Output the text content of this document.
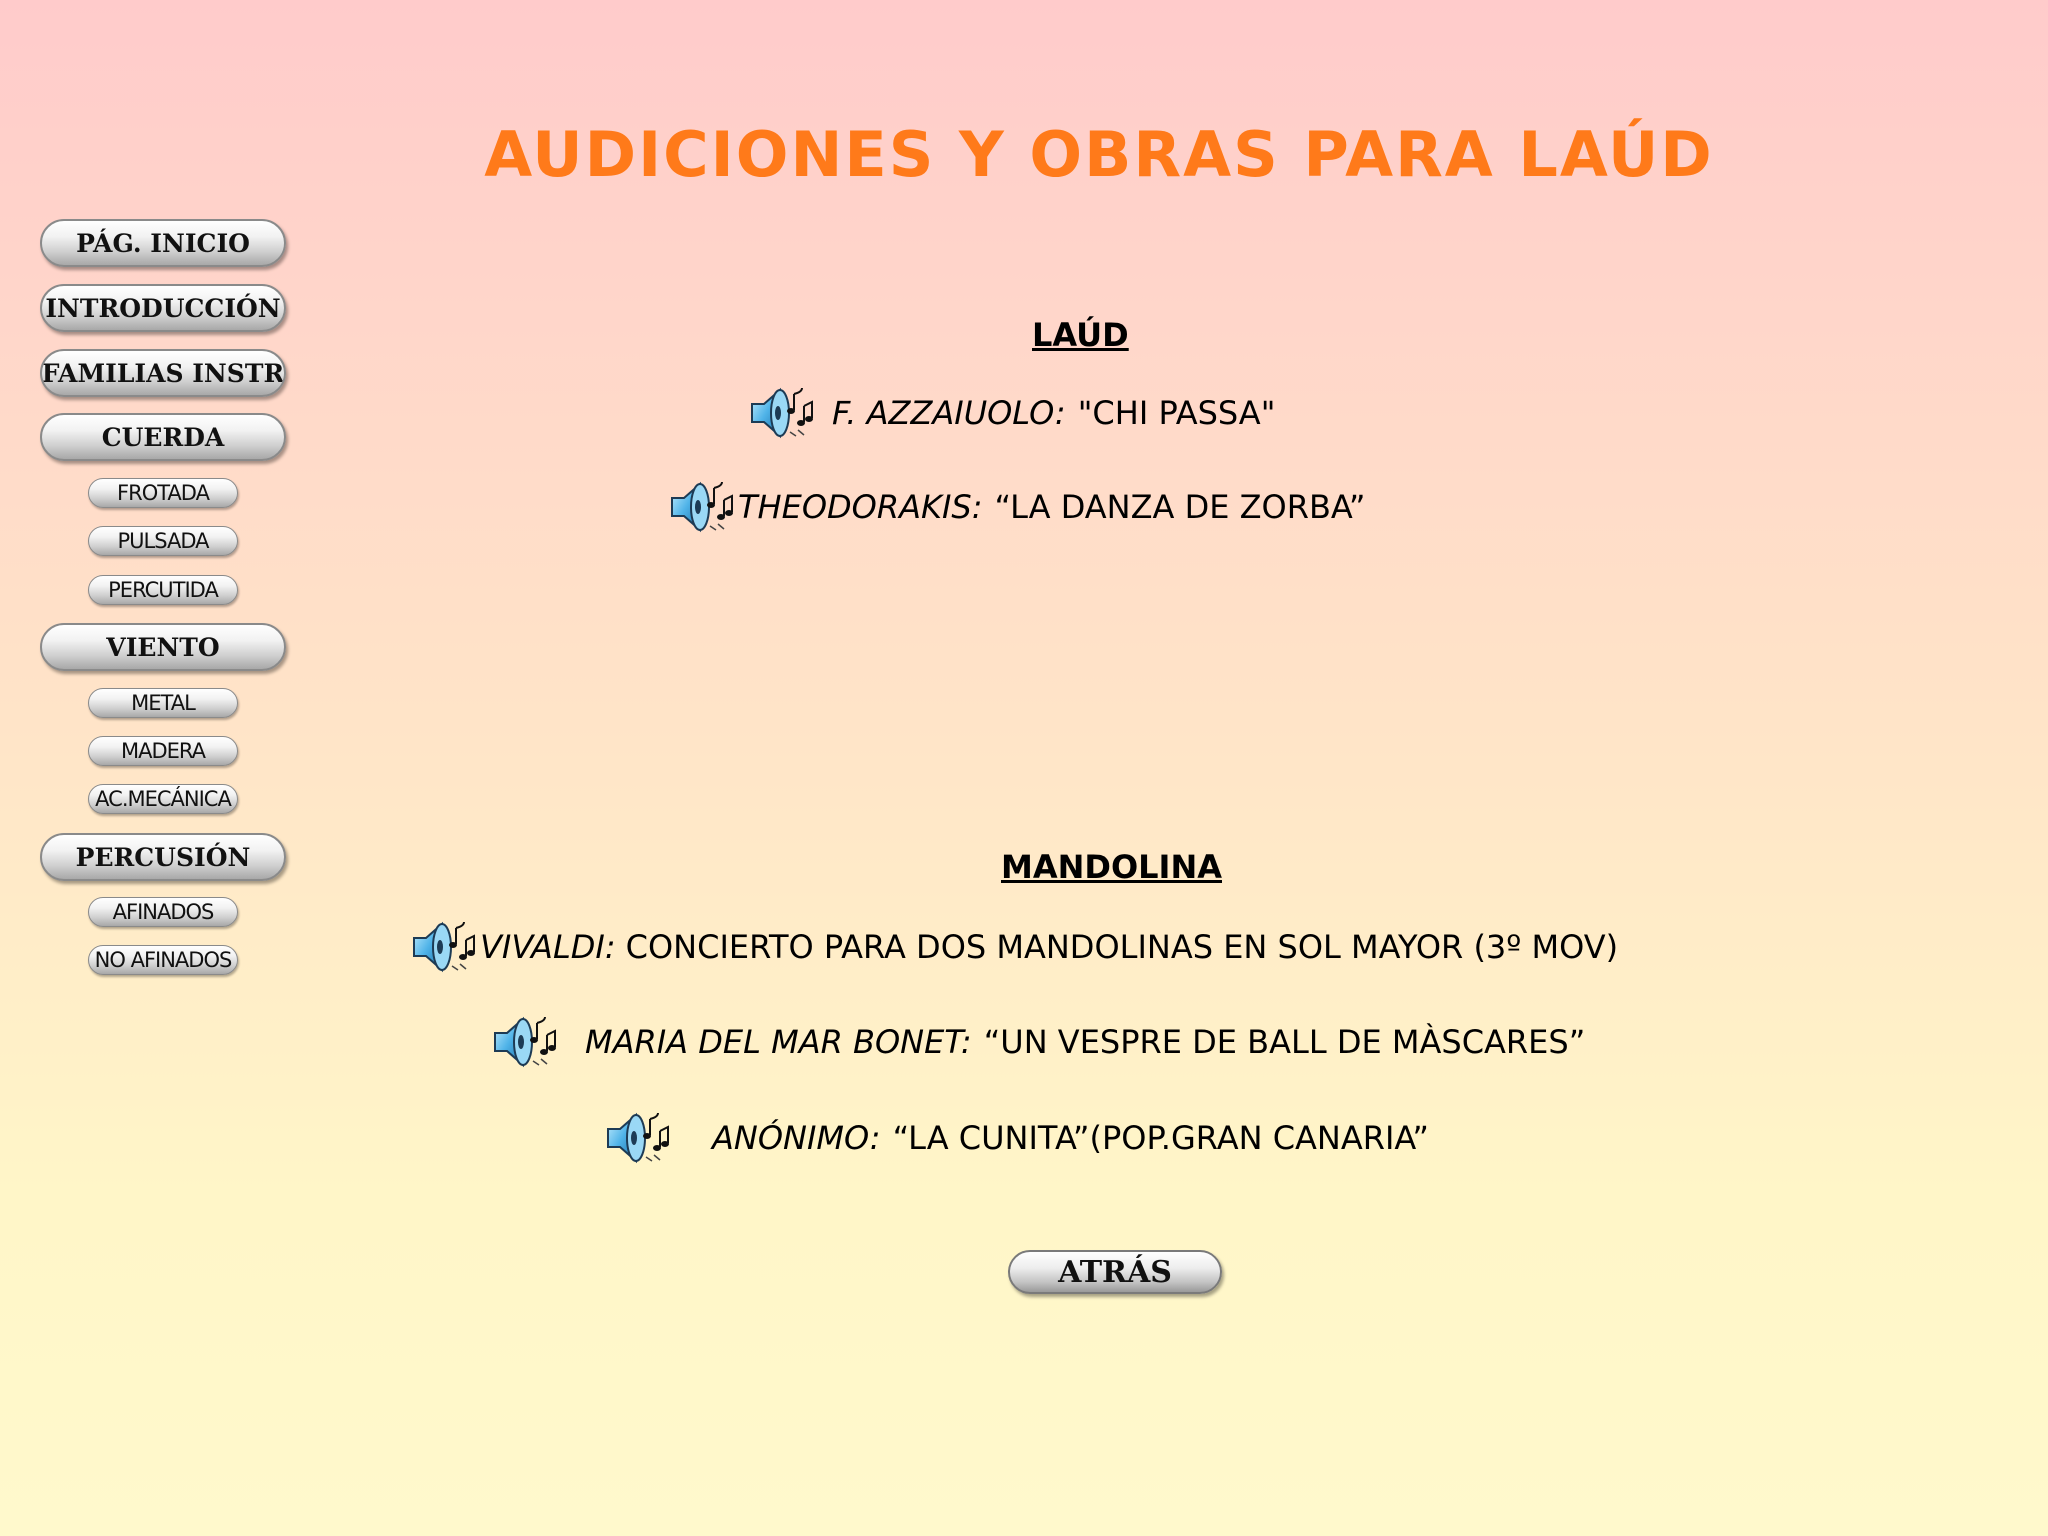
AUDICIONES Y OBRAS PARA LAÚD
PÁG. INICIO
INTRODUCCIÓN
FAMILIAS INSTR
CUERDA
FROTADA
PULSADA
PERCUTIDA
VIENTO
METAL
MADERA
AC.MECÁNICA
PERCUSIÓN
AFINADOS
NO AFINADOS
LAÚD
F. AZZAIUOLO: "CHI PASSA"
THEODORAKIS: “LA DANZA DE ZORBA”
MANDOLINA
VIVALDI: CONCIERTO PARA DOS MANDOLINAS EN SOL MAYOR (3º MOV)
MARIA DEL MAR BONET: “UN VESPRE DE BALL DE MÀSCARES”
ANÓNIMO: “LA CUNITA”(POP.GRAN CANARIA”
ATRÁS
